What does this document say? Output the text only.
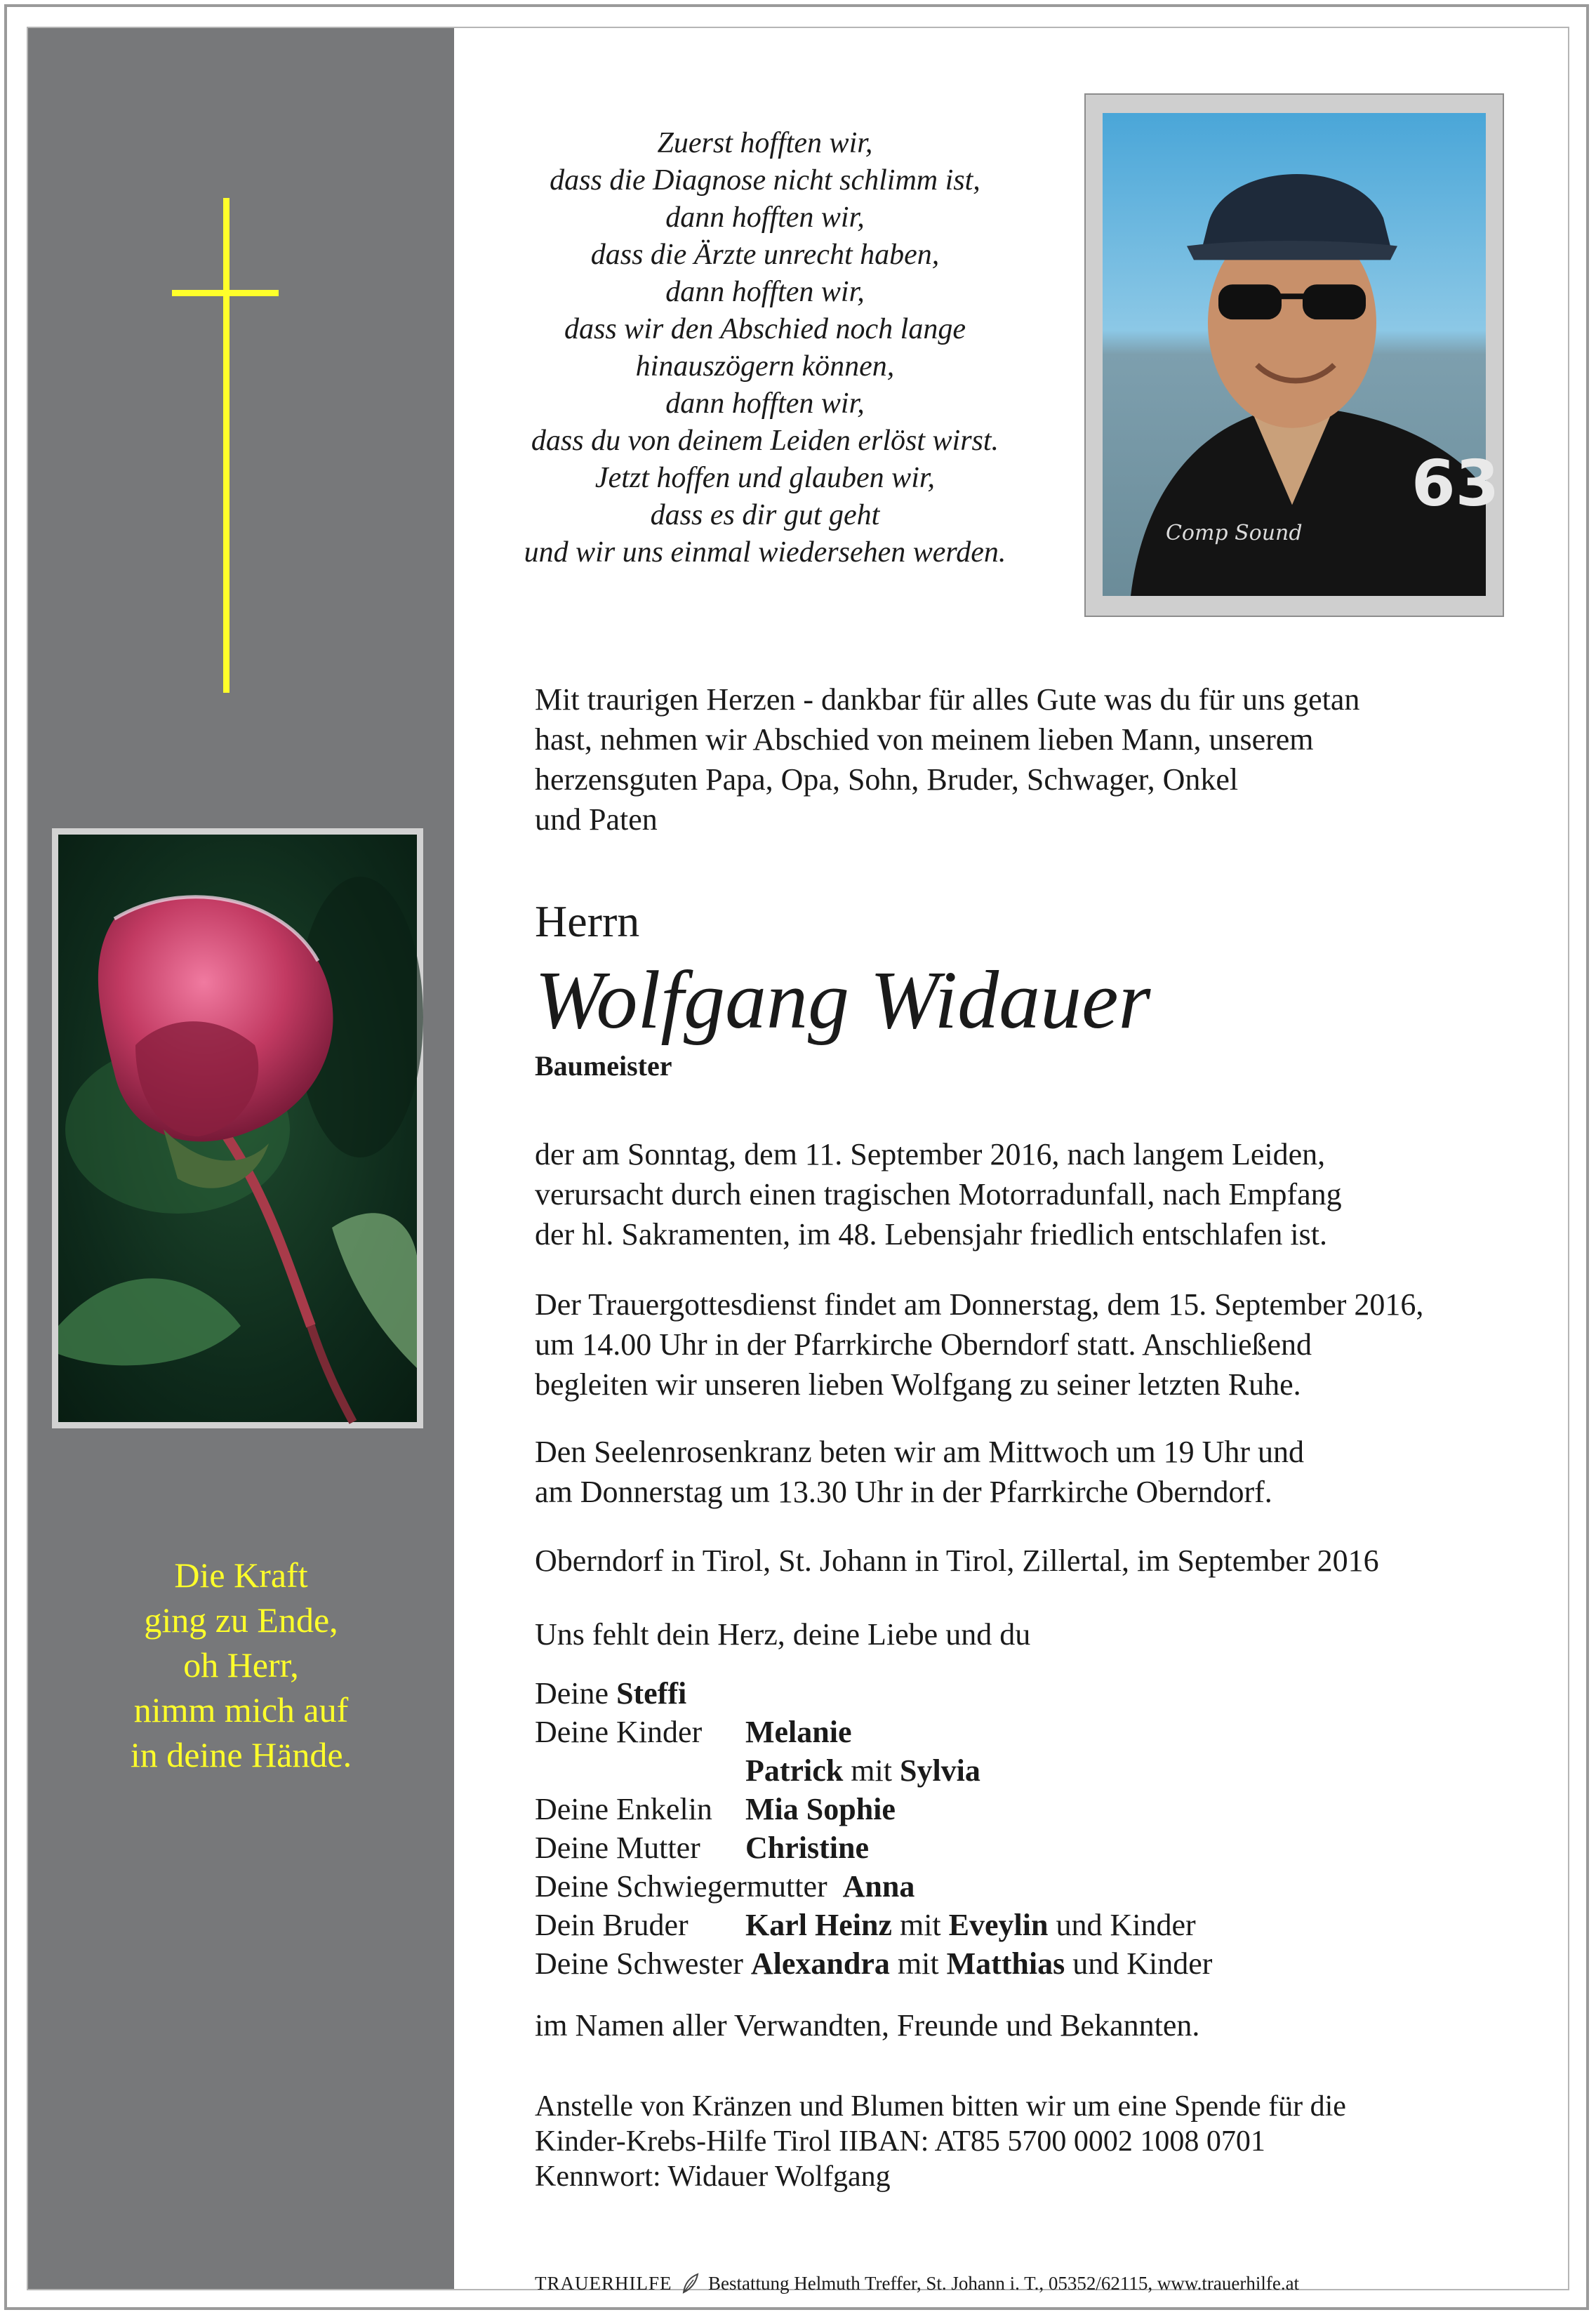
Die Kraft
ging zu Ende,
oh Herr,
nimm mich auf
in deine Hände.
Zuerst hofften wir,
dass die Diagnose nicht schlimm ist,
dann hofften wir,
dass die Ärzte unrecht haben,
dann hofften wir,
dass wir den Abschied noch lange
hinauszögern können,
dann hofften wir,
dass du von deinem Leiden erlöst wirst.
Jetzt hoffen und glauben wir,
dass es dir gut geht
und wir uns einmal wiedersehen werden.
63
Comp Sound
Mit traurigen Herzen - dankbar für alles Gute was du für uns getan
hast, nehmen wir Abschied von meinem lieben Mann, unserem
herzensguten Papa, Opa, Sohn, Bruder, Schwager, Onkel
und Paten
Herrn
Wolfgang Widauer
Baumeister
der am Sonntag, dem 11. September 2016, nach langem Leiden,
verursacht durch einen tragischen Motorradunfall, nach Empfang
der hl. Sakramenten, im 48. Lebensjahr friedlich entschlafen ist.
Der Trauergottesdienst findet am Donnerstag, dem 15. September 2016,
um 14.00 Uhr in der Pfarrkirche Oberndorf statt. Anschließend
begleiten wir unseren lieben Wolfgang zu seiner letzten Ruhe.
Den Seelenrosenkranz beten wir am Mittwoch um 19 Uhr und
am Donnerstag um 13.30 Uhr in der Pfarrkirche Oberndorf.
Oberndorf in Tirol, St. Johann in Tirol, Zillertal, im September 2016
Uns fehlt dein Herz, deine Liebe und du
Deine Steffi
Deine Kinder Melanie
Patrick mit Sylvia
Deine Enkelin Mia Sophie
Deine Mutter Christine
Deine Schwiegermutter Anna
Dein Bruder Karl Heinz mit Eveylin und Kinder
Deine Schwester Alexandra mit Matthias und Kinder
im Namen aller Verwandten, Freunde und Bekannten.
Anstelle von Kränzen und Blumen bitten wir um eine Spende für die
Kinder-Krebs-Hilfe Tirol IIBAN: AT85 5700 0002 1008 0701
Kennwort: Widauer Wolfgang
TRAUERHILFE Bestattung Helmuth Treffer, St. Johann i. T., 05352/62115, www.trauerhilfe.at
